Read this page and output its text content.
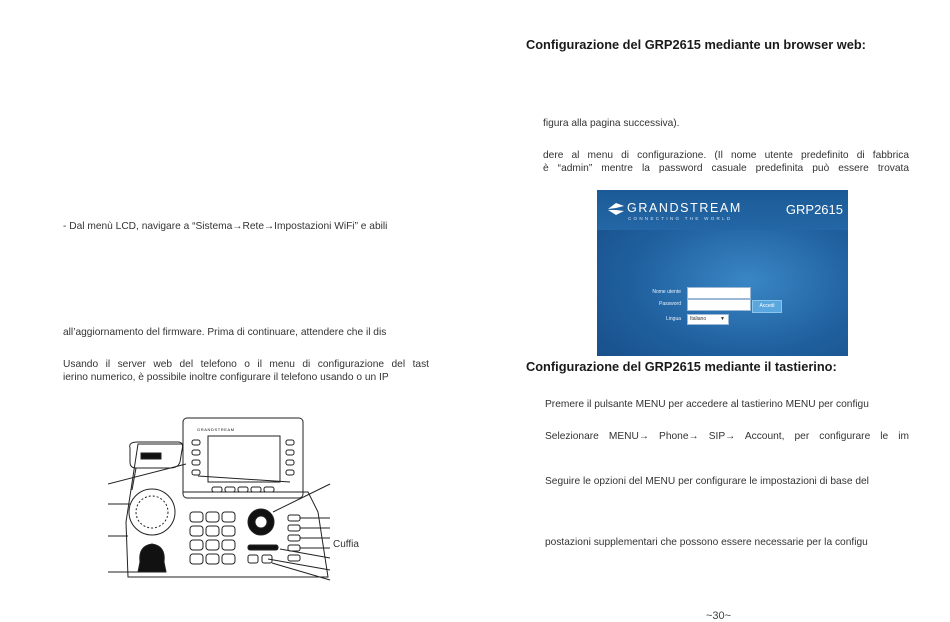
- Dal menù LCD, navigare a “Sistema→Rete→Impostazioni WiFi” e abili
all’aggiornamento del firmware. Prima di continuare, attendere che il dis
Usando il server web del telefono o il menu di configurazione del tast
ierino numerico, è possibile inoltre configurare il telefono usando o un IP
GRANDSTREAM
Cuffia
Configurazione del GRP2615 mediante un browser web:
figura alla pagina successiva).
dere al menu di configurazione. (Il nome utente predefinito di fabbrica
è “admin” mentre la password casuale predefinita può essere trovata
GRANDSTREAM
CONNECTING THE WORLD
GRP2615
Nome utente
Password	Accedi
Lingua	Italiano	▼
Configurazione del GRP2615 mediante il tastierino:
Premere il pulsante MENU per accedere al tastierino MENU per configu
Selezionare MENU→ Phone→ SIP→ Account, per configurare le im
Seguire le opzioni del MENU per configurare le impostazioni di base del
postazioni supplementari che possono essere necessarie per la configu
~30~
